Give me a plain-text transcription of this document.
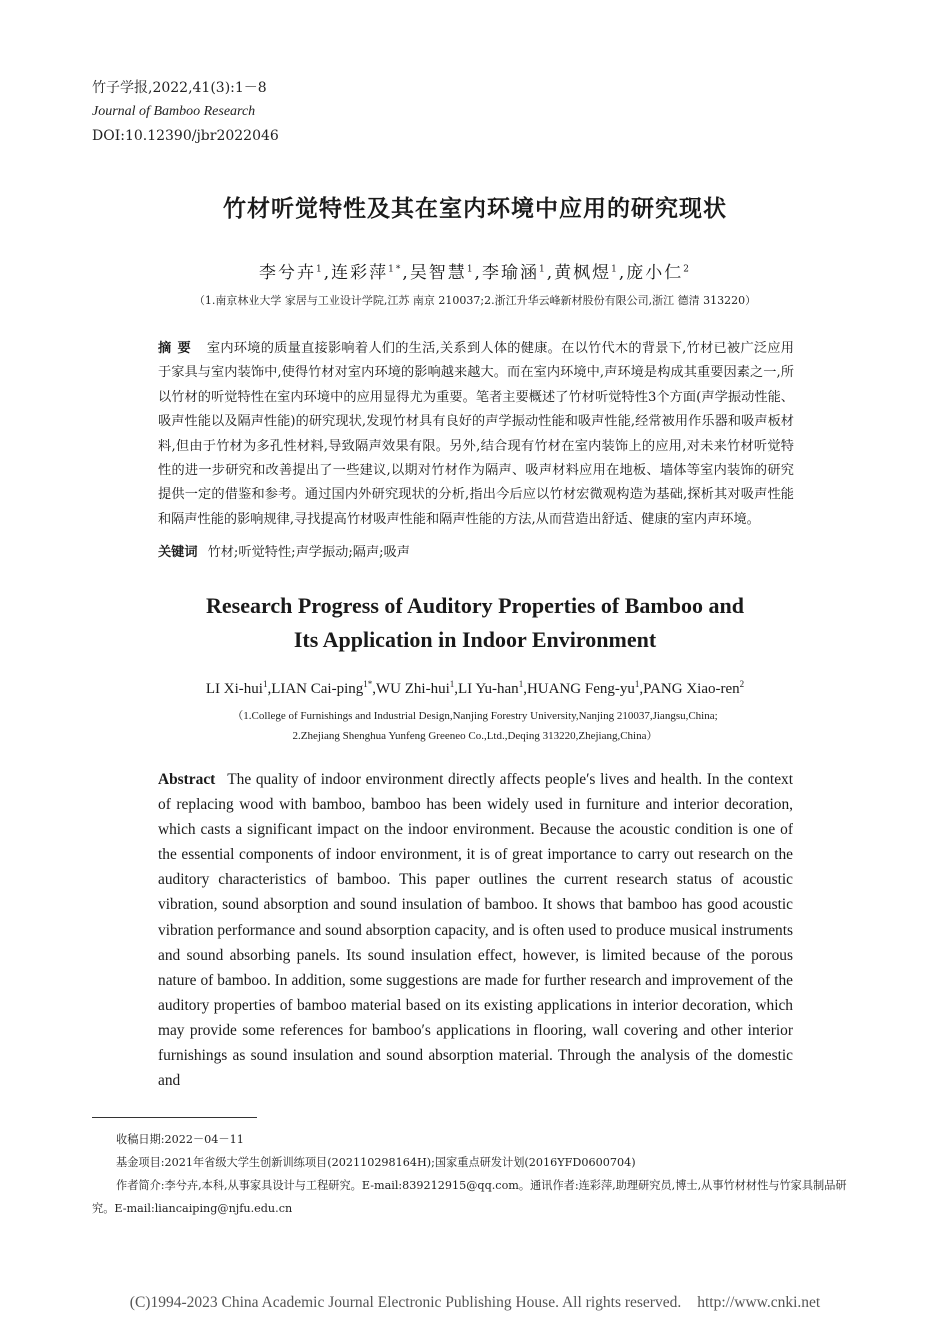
竹子学报,2022,41(3):1－8
Journal of Bamboo Research
DOI:10.12390/jbr2022046
竹材听觉特性及其在室内环境中应用的研究现状
李兮卉$^1$,连彩萍$^{1*}$,吴智慧$^1$,李瑜涵$^1$,黄枫煜$^1$,庞小仁$^2$
（1.南京林业大学 家居与工业设计学院,江苏 南京 210037;2.浙江升华云峰新材股份有限公司,浙江 德清 313220）
摘要 室内环境的质量直接影响着人们的生活,关系到人体的健康。在以竹代木的背景下,竹材已被广泛应用于家具与室内装饰中,使得竹材对室内环境的影响越来越大。而在室内环境中,声环境是构成其重要因素之一,所以竹材的听觉特性在室内环境中的应用显得尤为重要。笔者主要概述了竹材听觉特性3个方面(声学振动性能、吸声性能以及隔声性能)的研究现状,发现竹材具有良好的声学振动性能和吸声性能,经常被用作乐器和吸声板材料,但由于竹材为多孔性材料,导致隔声效果有限。另外,结合现有竹材在室内装饰上的应用,对未来竹材听觉特性的进一步研究和改善提出了一些建议,以期对竹材作为隔声、吸声材料应用在地板、墙体等室内装饰的研究提供一定的借鉴和参考。通过国内外研究现状的分析,指出今后应以竹材宏微观构造为基础,探析其对吸声性能和隔声性能的影响规律,寻找提高竹材吸声性能和隔声性能的方法,从而营造出舒适、健康的室内声环境。
关键词 竹材;听觉特性;声学振动;隔声;吸声
Research Progress of Auditory Properties of Bamboo and
Its Application in Indoor Environment
LI Xi-hui$^1$,LIAN Cai-ping$^{1*}$,WU Zhi-hui$^1$,LI Yu-han$^1$,HUANG Feng-$yu^1,PANG$ Xiao-ren$^2$
（1.College of Furnishings and Industrial Design,Nanjing Forestry University,Nanjing 210037,Jiangsu,China;
2.Zhejiang Shenghua Yunfeng Greeneo Co.,Ltd.,Deqing 313220,Zhejiang,China）
Abstract The quality of indoor environment directly affects people′s lives and health. In the context of replacing wood with bamboo, bamboo has been widely used in furniture and interior decoration, which casts a significant impact on the indoor environment. Because the acoustic condition is one of the essential components of indoor environment, it is of great importance to carry out research on the auditory characteristics of bamboo. This paper outlines the current research status of acoustic vibration, sound absorption and sound insulation of bamboo. It shows that bamboo has good acoustic vibration performance and sound absorption capacity, and is often used to produce musical instruments and sound absorbing panels. Its sound insulation effect, however, is limited because of the porous nature of bamboo. In addition, some suggestions are made for further research and improvement of the auditory properties of bamboo material based on its existing applications in interior decoration, which may provide some references for bamboo′s applications in flooring, wall covering and other interior furnishings as sound insulation and sound absorption material. Through the analysis of the domestic and
收稿日期:2022－04－11
基金项目:2021年省级大学生创新训练项目(202110298164H);国家重点研发计划(2016YFD0600704)
作者简介:李兮卉,本科,从事家具设计与工程研究。E-mail:839212915@qq.com。通讯作者:连彩萍,助理研究员,博士,从事竹材材性与竹家具制品研究。E-mail:liancaiping@njfu.edu.cn
(C)1994-2023 China Academic Journal Electronic Publishing House. All rights reserved. http://www.cnki.net
